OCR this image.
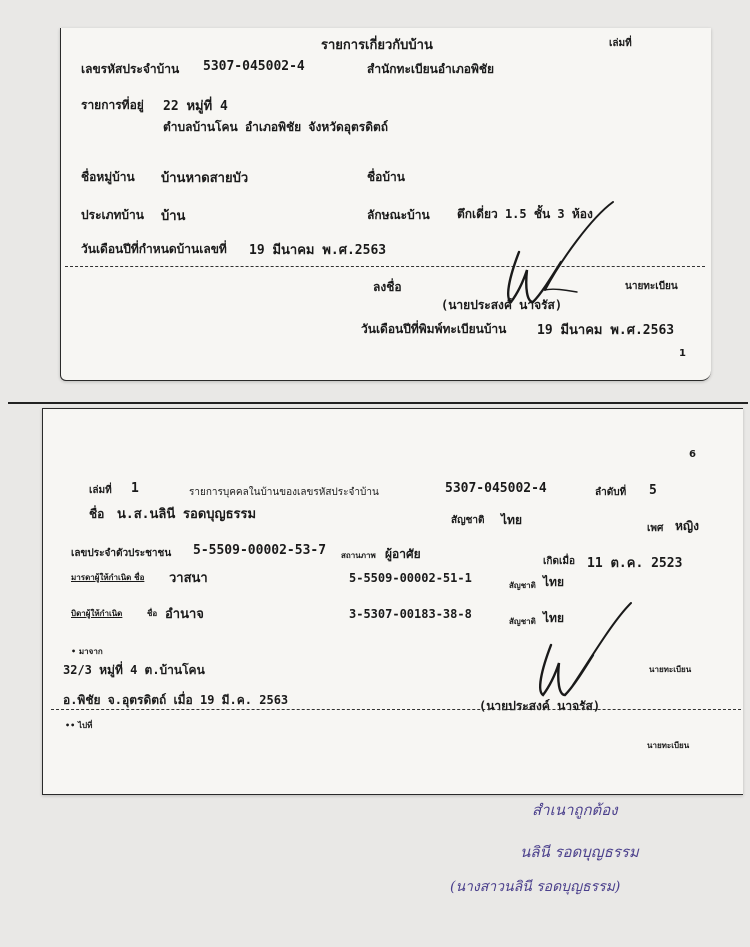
รายการเกี่ยวกับบ้าน	เล่มที่
เลขรหัสประจำบ้าน 5307-045002-4	สำนักทะเบียนอำเภอพิชัย
รายการที่อยู่ 22 หมู่ที่ 4
ตำบลบ้านโคน อำเภอพิชัย จังหวัดอุตรดิตถ์
ชื่อหมู่บ้าน บ้านหาดสายบัว	ชื่อบ้าน
ประเภทบ้าน บ้าน	ลักษณะบ้าน ตึกเดี่ยว 1.5 ชั้น 3 ห้อง
วันเดือนปีที่กำหนดบ้านเลขที่ 19 มีนาคม พ.ศ.2563
ลงชื่อ	นายทะเบียน
(นายประสงค์ นาจรัส)
วันเดือนปีที่พิมพ์ทะเบียนบ้าน 19 มีนาคม พ.ศ.2563
1
6
เล่มที่ 1	รายการบุคคลในบ้านของเลขรหัสประจำบ้าน	5307-045002-4	ลำดับที่ 5
ชื่อ น.ส.นลินี รอดบุญธรรม	สัญชาติ ไทย
เพศ หญิง
เลขประจำตัวประชาชน 5-5509-00002-53-7 สถานภาพ ผู้อาศัย
เกิดเมื่อ 11 ต.ค. 2523
มารดาผู้ให้กำเนิด ชื่อ วาสนา	5-5509-00002-51-1
สัญชาติ ไทย
บิดาผู้ให้กำเนิด	ชื่อ อำนาจ	3-5307-00183-38-8
สัญชาติ ไทย
• มาจาก
32/3 หมู่ที่ 4 ต.บ้านโคน
อ.พิชัย จ.อุตรดิตถ์ เมื่อ 19 มี.ค. 2563
นายทะเบียน
(นายประสงค์ นาจรัส)
•• ไปที่
นายทะเบียน
สำเนาถูกต้อง
นลินี รอดบุญธรรม
(นางสาวนลินี รอดบุญธรรม)
